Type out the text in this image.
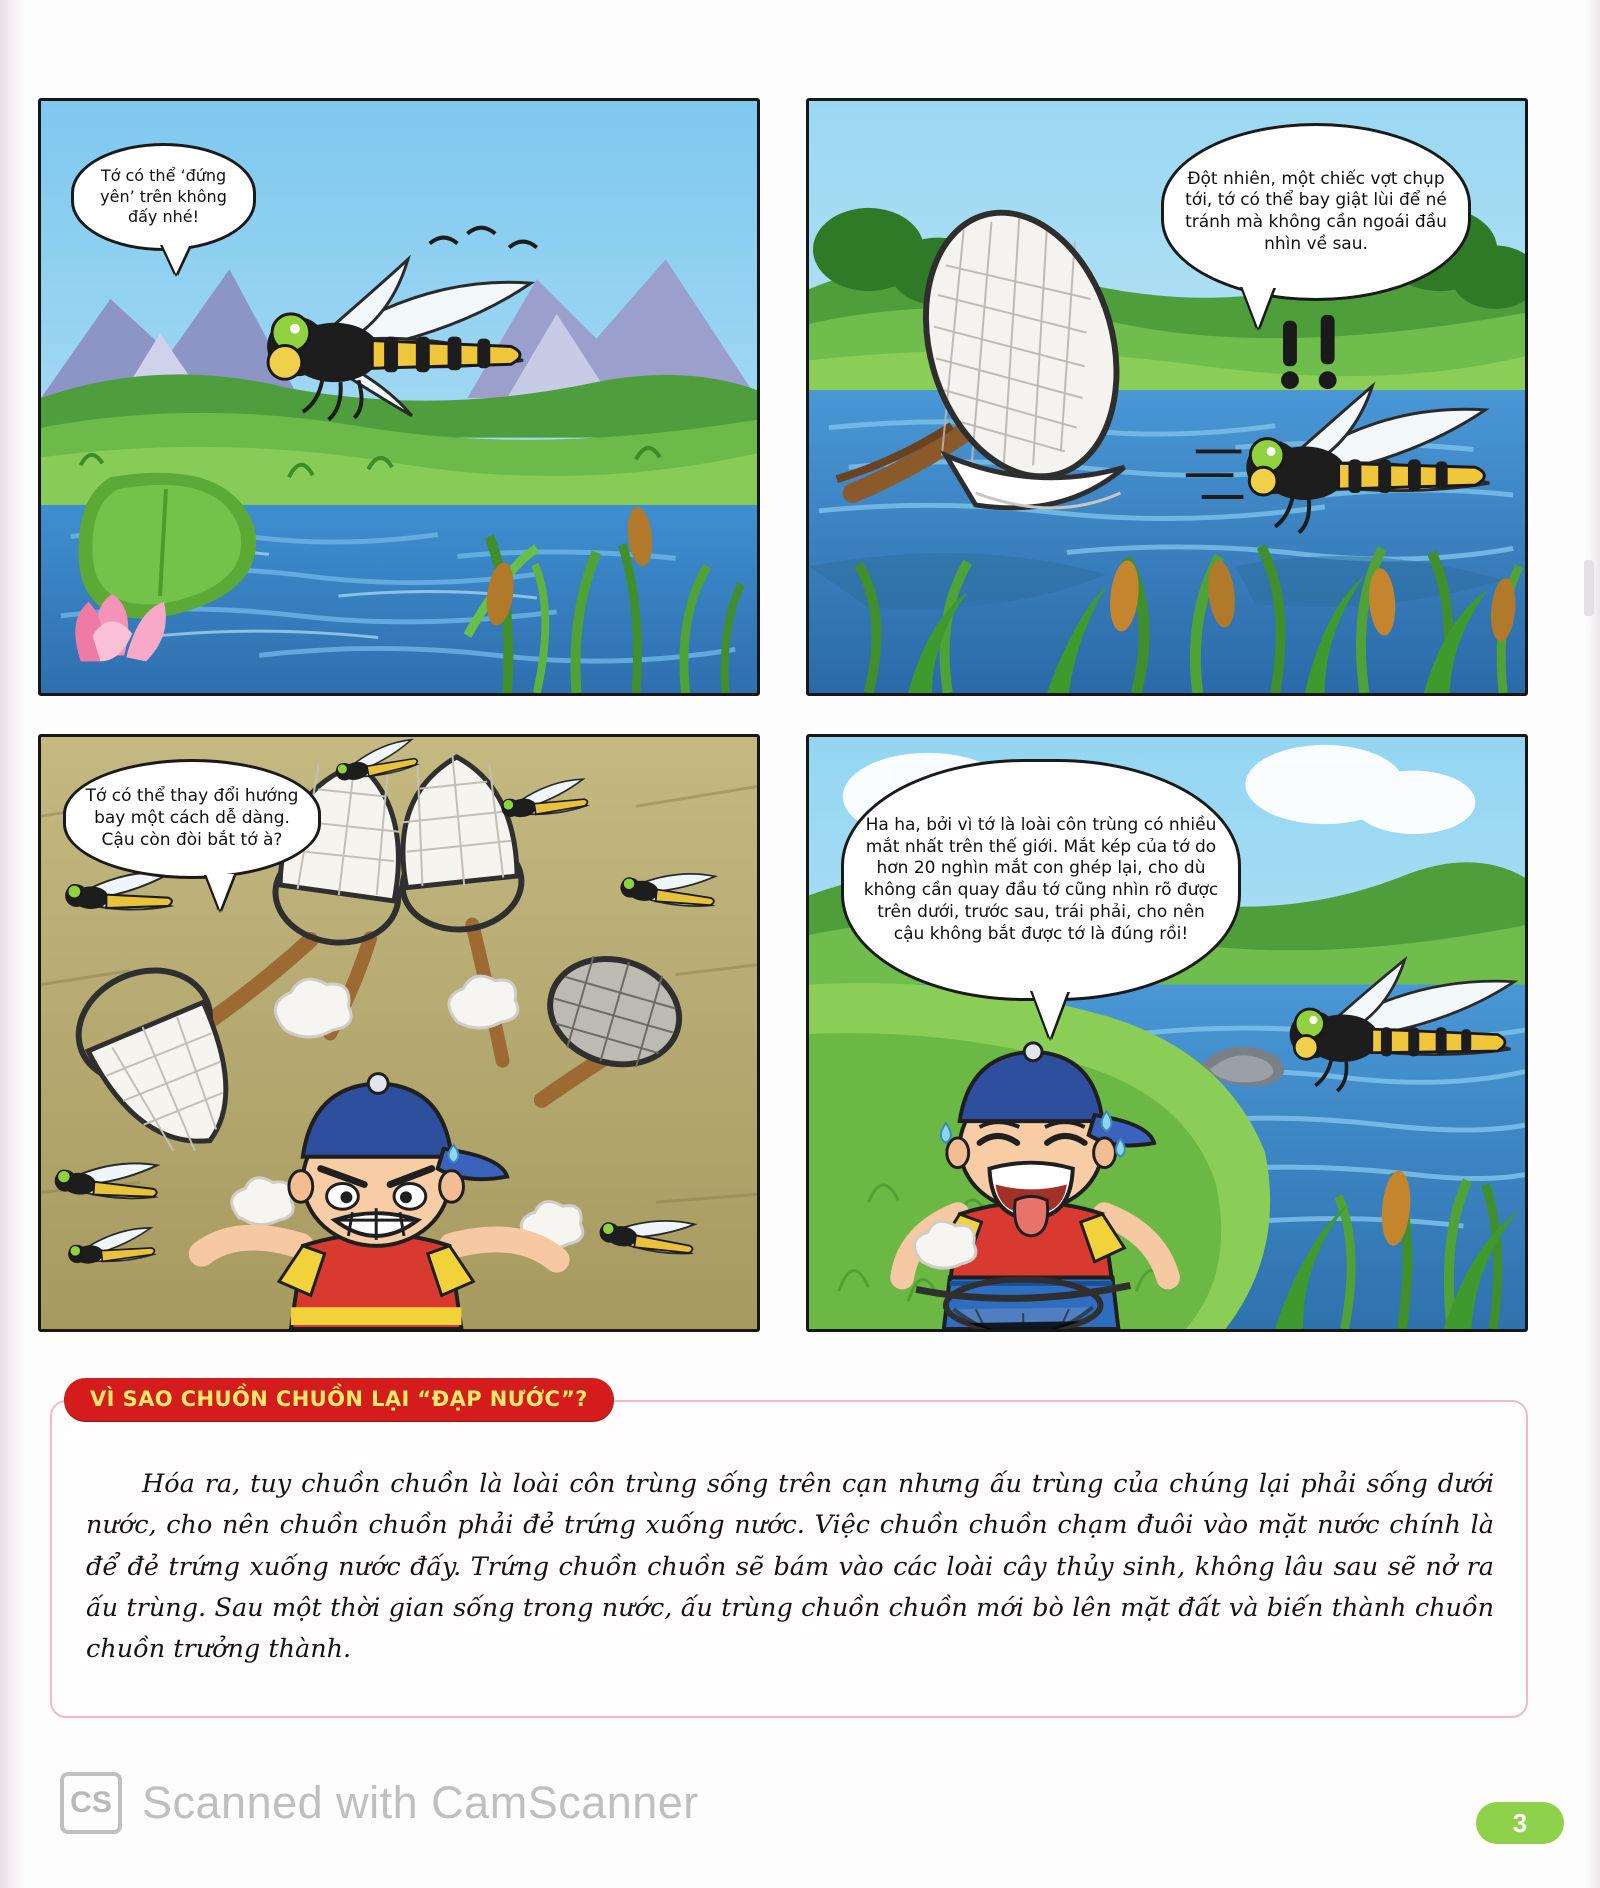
Tớ có thể ‘đứng yên’ trên không đấy nhé!
Đột nhiên, một chiếc vợt chụp tới, tớ có thể bay giật lùi để né tránh mà không cần ngoái đầu nhìn về sau.
Tớ có thể thay đổi hướng bay một cách dễ dàng. Cậu còn đòi bắt tớ à?
Ha ha, bởi vì tớ là loài côn trùng có nhiều mắt nhất trên thế giới. Mắt kép của tớ do hơn 20 nghìn mắt con ghép lại, cho dù không cần quay đầu tớ cũng nhìn rõ được trên dưới, trước sau, trái phải, cho nên cậu không bắt được tớ là đúng rồi!
VÌ SAO CHUỒN CHUỒN LẠI “ĐẠP NƯỚC”?
Hóa ra, tuy chuồn chuồn là loài côn trùng sống trên cạn nhưng ấu trùng của chúng lại phải sống dưới nước, cho nên chuồn chuồn phải đẻ trứng xuống nước. Việc chuồn chuồn chạm đuôi vào mặt nước chính là để đẻ trứng xuống nước đấy. Trứng chuồn chuồn sẽ bám vào các loài cây thủy sinh, không lâu sau sẽ nở ra ấu trùng. Sau một thời gian sống trong nước, ấu trùng chuồn chuồn mới bò lên mặt đất và biến thành chuồn chuồn trưởng thành.
CS Scanned with CamScanner	3
